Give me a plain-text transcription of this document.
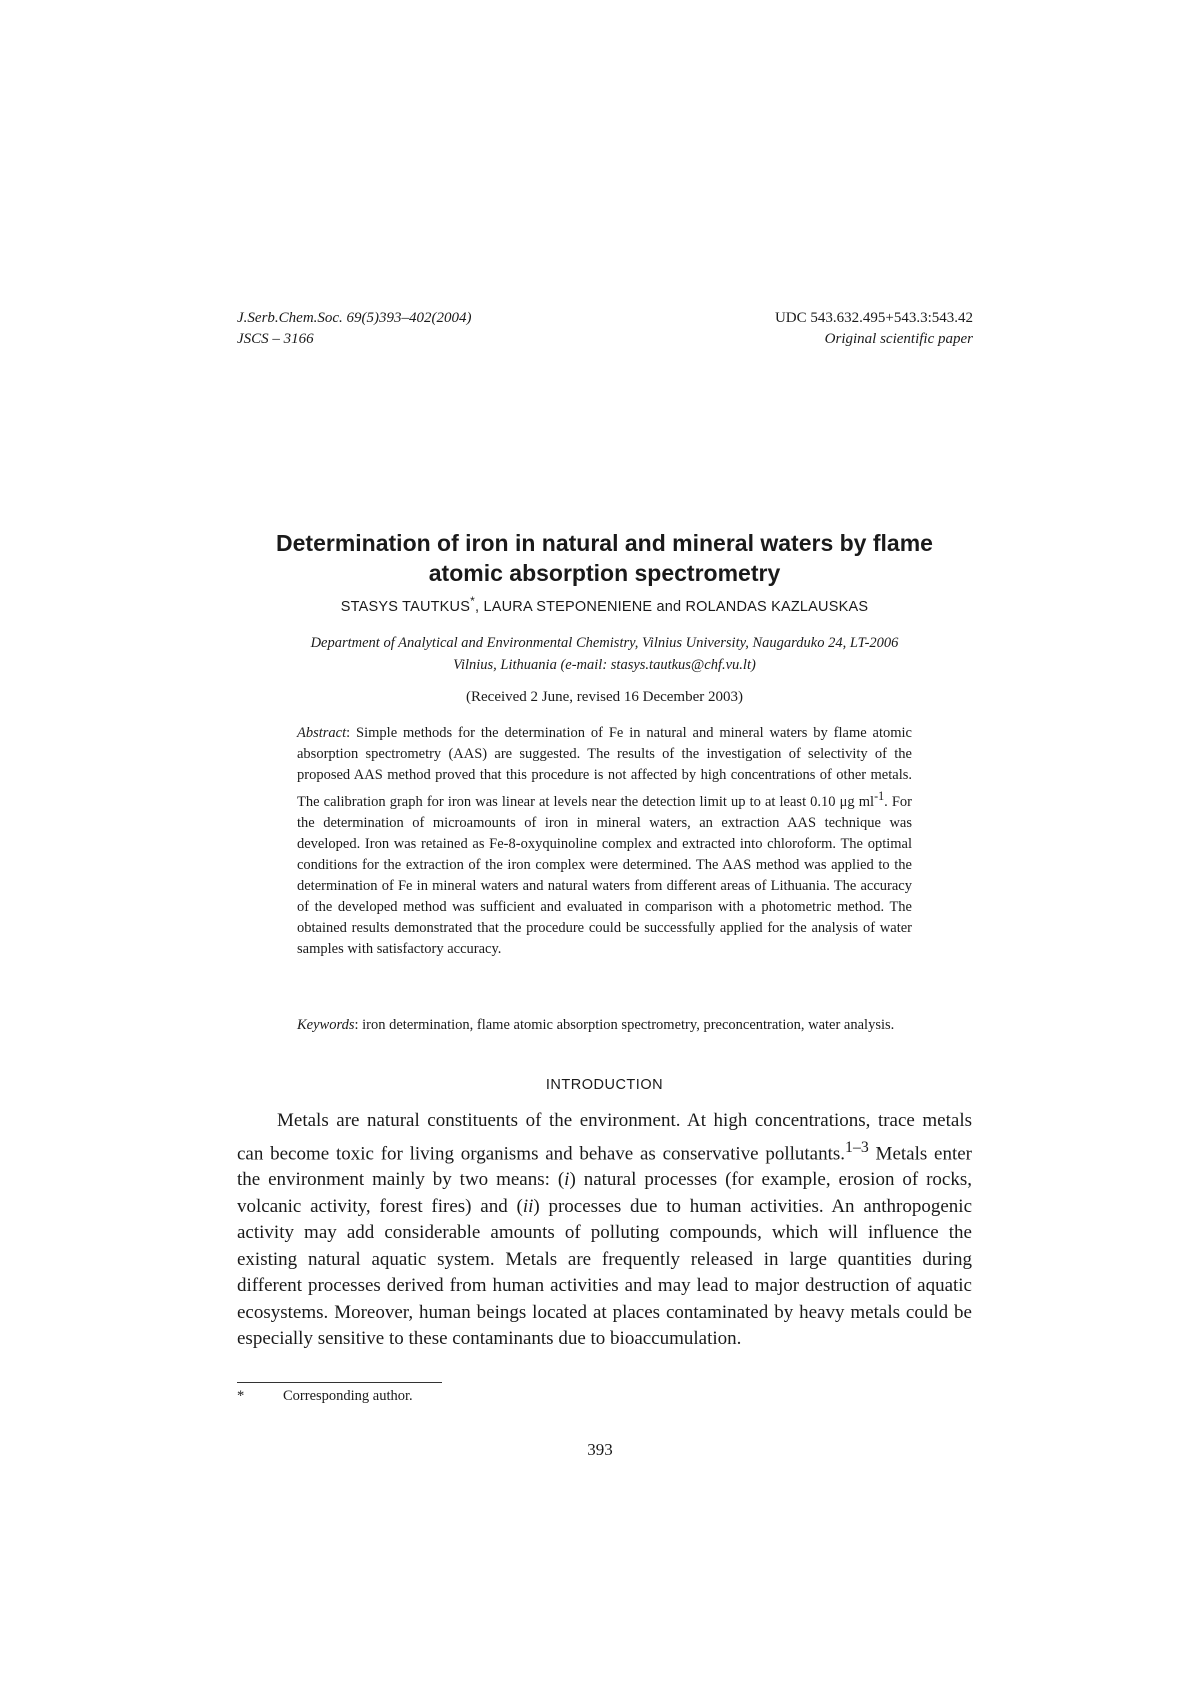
J.Serb.Chem.Soc. 69(5)393–402(2004)
JSCS – 3166
UDC 543.632.495+543.3:543.42
Original scientific paper
Determination of iron in natural and mineral waters by flame atomic absorption spectrometry
STASYS TAUTKUS*, LAURA STEPONENIENE and ROLANDAS KAZLAUSKAS
Department of Analytical and Environmental Chemistry, Vilnius University, Naugarduko 24, LT-2006
Vilnius, Lithuania (e-mail: stasys.tautkus@chf.vu.lt)
(Received 2 June, revised 16 December 2003)
Abstract: Simple methods for the determination of Fe in natural and mineral waters by flame atomic absorption spectrometry (AAS) are suggested. The results of the investigation of selectivity of the proposed AAS method proved that this procedure is not affected by high concentrations of other metals. The calibration graph for iron was linear at levels near the detection limit up to at least 0.10 μg $ml^{-1}$. For the determination of microamounts of iron in mineral waters, an extraction AAS technique was developed. Iron was retained as Fe-8-oxyquinoline complex and extracted into chloroform. The optimal conditions for the extraction of the iron complex were determined. The AAS method was applied to the determination of Fe in mineral waters and natural waters from different areas of Lithuania. The accuracy of the developed method was sufficient and evaluated in comparison with a photometric method. The obtained results demonstrated that the procedure could be successfully applied for the analysis of water samples with satisfactory accuracy.
Keywords: iron determination, flame atomic absorption spectrometry, preconcentration, water analysis.
INTRODUCTION

Metals are natural constituents of the environment. At high concentrations, trace metals can become toxic for living organisms and behave as conservative pollutants.$^{1-3}$ Metals enter the environment mainly by two means: (i) natural processes (for example, erosion of rocks, volcanic activity, forest fires) and (ii) processes due to human activities. An anthropogenic activity may add considerable amounts of polluting compounds, which will influence the existing natural aquatic system. Metals are frequently released in large quantities during different processes derived from human activities and may lead to major destruction of aquatic ecosystems. Moreover, human beings located at places contaminated by heavy metals could be especially sensitive to these contaminants due to bioaccumulation.

*	Corresponding author.
393
